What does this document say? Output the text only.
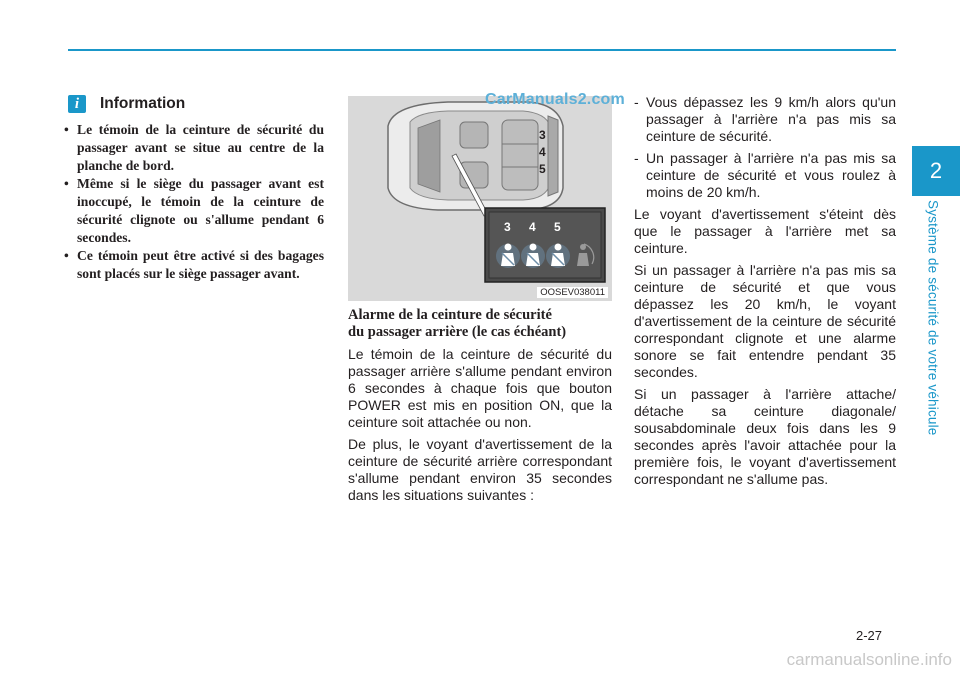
2
Système de sécurité de votre véhicule
i	Information
• Le témoin de la ceinture de sécurité du passager avant se situe au centre de la planche de bord.
• Même si le siège du passager avant est inoccupé, le témoin de la ceinture de sécurité clignote ou s'allume pendant 6 secondes.
• Ce témoin peut être activé si des bagages sont placés sur le siège passager avant.
3
4
5
3 4 5
CarManuals2.com
OOSEV038011
Alarme de la ceinture de sécurité
du passager arrière (le cas échéant)

Le témoin de la ceinture de sécurité du passager arrière s'allume pendant environ 6 secondes à chaque fois que bouton POWER est mis en position ON, que la ceinture soit attachée ou non.

De plus, le voyant d'avertissement de la ceinture de sécurité arrière correspondant s'allume pendant environ 35 secondes dans les situations suivantes :

- Vous dépassez les 9 km/h alors qu'un passager à l'arrière n'a pas mis sa ceinture de sécurité.
- Un passager à l'arrière n'a pas mis sa ceinture de sécurité et vous roulez à moins de 20 km/h.

Le voyant d'avertissement s'éteint dès que le passager à l'arrière met sa ceinture.

Si un passager à l'arrière n'a pas mis sa ceinture de sécurité et que vous dépassez les 20 km/h, le voyant d'avertissement de la ceinture de sécurité correspondant clignote et une alarme sonore se fait entendre pendant 35 secondes.

Si un passager à l'arrière attache/ détache sa ceinture diagonale/ sousabdominale deux fois dans les 9 secondes après l'avoir attachée pour la première fois, le voyant d'avertissement correspondant ne s'allume pas.

2-27
carmanualsonline.info
